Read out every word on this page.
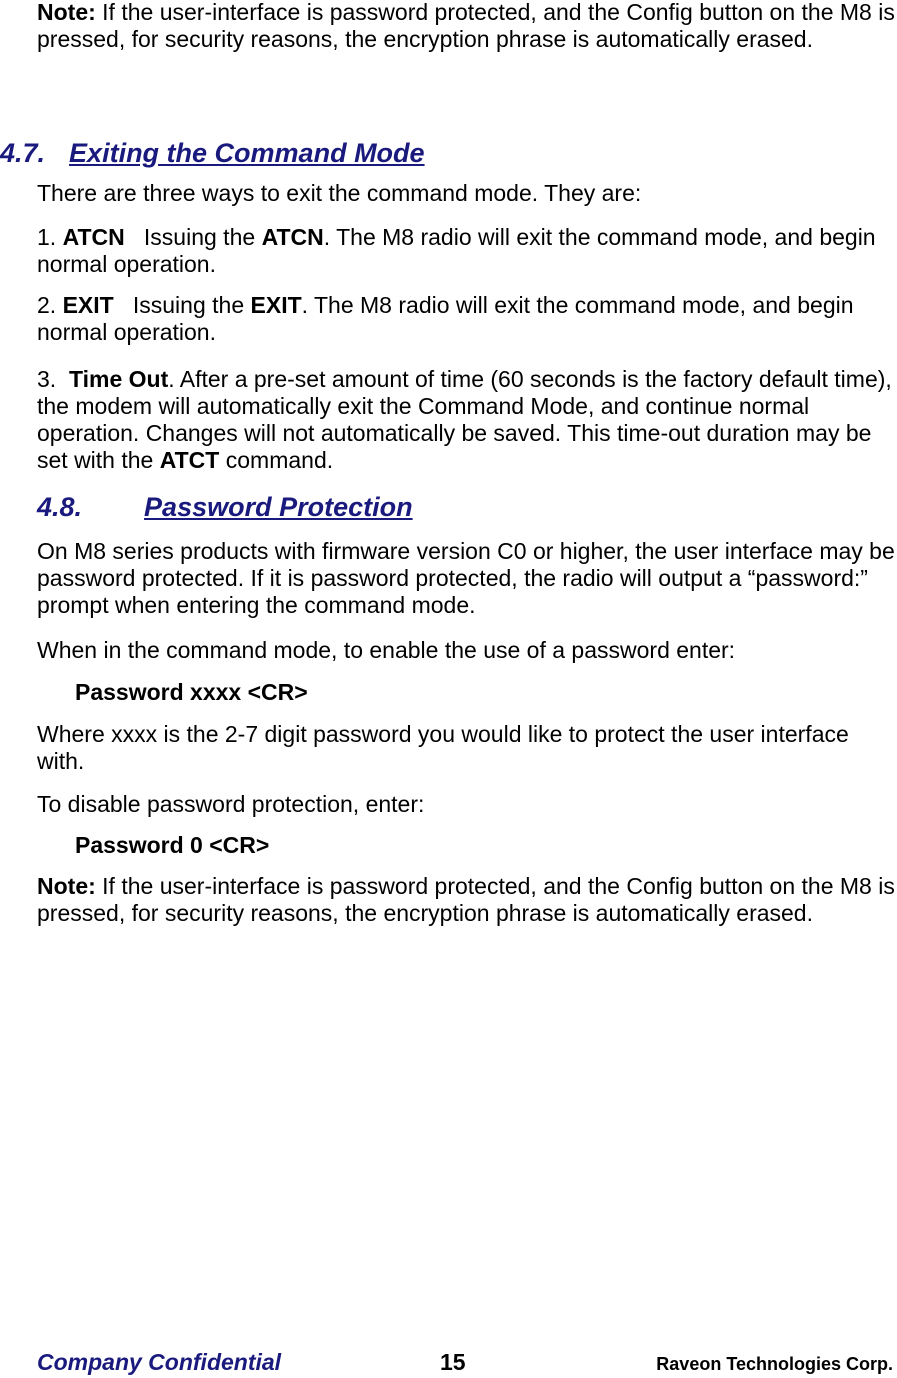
Note: If the user-interface is password protected, and the Config button on the M8 is pressed, for security reasons, the encryption phrase is automatically erased.

4.7. Exiting the Command Mode

There are three ways to exit the command mode. They are:

1. ATCN   Issuing the ATCN. The M8 radio will exit the command mode, and begin normal operation.

2. EXIT   Issuing the EXIT. The M8 radio will exit the command mode, and begin normal operation.

3.  Time Out. After a pre-set amount of time (60 seconds is the factory default time), the modem will automatically exit the Command Mode, and continue normal operation. Changes will not automatically be saved. This time-out duration may be set with the ATCT command.

4.8. Password Protection

On M8 series products with firmware version C0 or higher, the user interface may be password protected. If it is password protected, the radio will output a “password:” prompt when entering the command mode.

When in the command mode, to enable the use of a password enter:

Password xxxx <CR>

Where xxxx is the 2-7 digit password you would like to protect the user interface with.

To disable password protection, enter:

Password 0 <CR>

Note: If the user-interface is password protected, and the Config button on the M8 is pressed, for security reasons, the encryption phrase is automatically erased.

Company Confidential	15	Raveon Technologies Corp.
